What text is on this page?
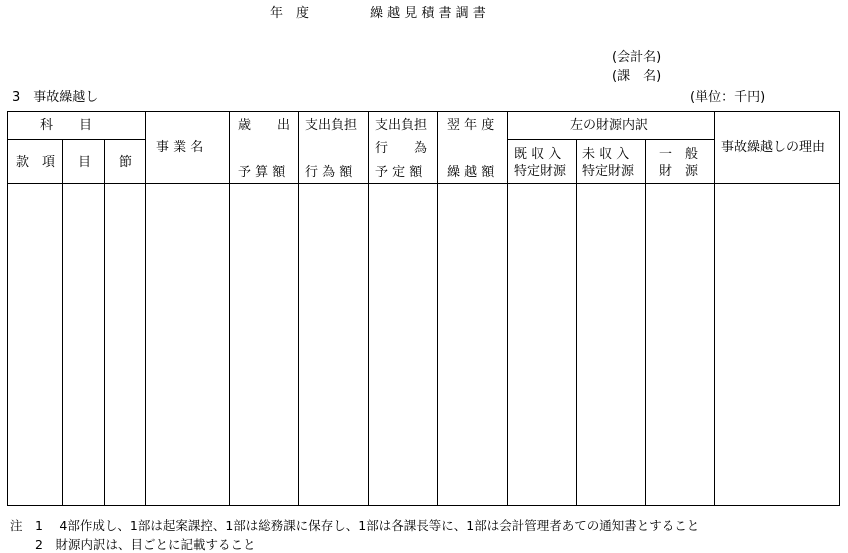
年　度	繰 越 見 積 書 調 書
(会計名)
(課　名)
3　事故繰越し	(単位：千円)
科　　目
款 項 目 節
事 業 名
歳　　出
予 算 額
支出負担
行 為 額
支出負担
行　　為
予 定 額
翌 年 度
繰 越 額
左の財源内訳
既 収 入
特定財源
未 収 入
特定財源
一　般
財　源
事故繰越しの理由
注　1　 4部作成し、1部は起案課控、1部は総務課に保存し、1部は各課長等に、1部は会計管理者あての通知書とすること
　　2　財源内訳は、目ごとに記載すること
